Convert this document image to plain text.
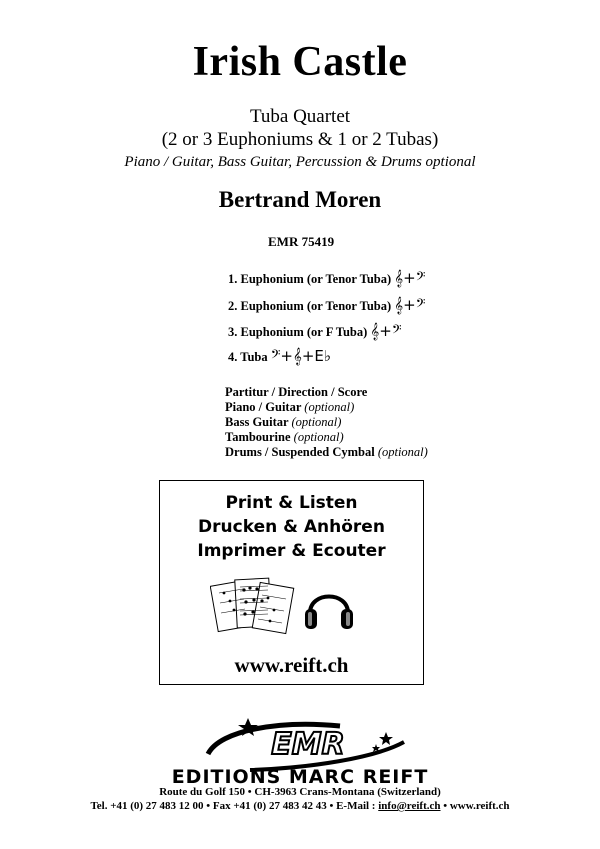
Irish Castle
Tuba Quartet
(2 or 3 Euphoniums & 1 or 2 Tubas)
Piano / Guitar, Bass Guitar, Percussion & Drums optional
Bertrand Moren
EMR 75419
1. Euphonium (or Tenor Tuba) 𝄞+𝄢
2. Euphonium (or Tenor Tuba) 𝄞+𝄢
3. Euphonium (or F Tuba) 𝄞+𝄢
4. Tuba 𝄢+𝄞+E♭
Partitur / Direction / Score
Piano / Guitar (optional)
Bass Guitar (optional)
Tambourine (optional)
Drums / Suspended Cymbal (optional)
Print & Listen
Drucken & Anhören
Imprimer & Ecouter
www.reift.ch
EMR
EDITIONS MARC REIFT
Route du Golf 150 • CH-3963 Crans-Montana (Switzerland)
Tel. +41 (0) 27 483 12 00 • Fax +41 (0) 27 483 42 43 • E-Mail : info@reift.ch • www.reift.ch
